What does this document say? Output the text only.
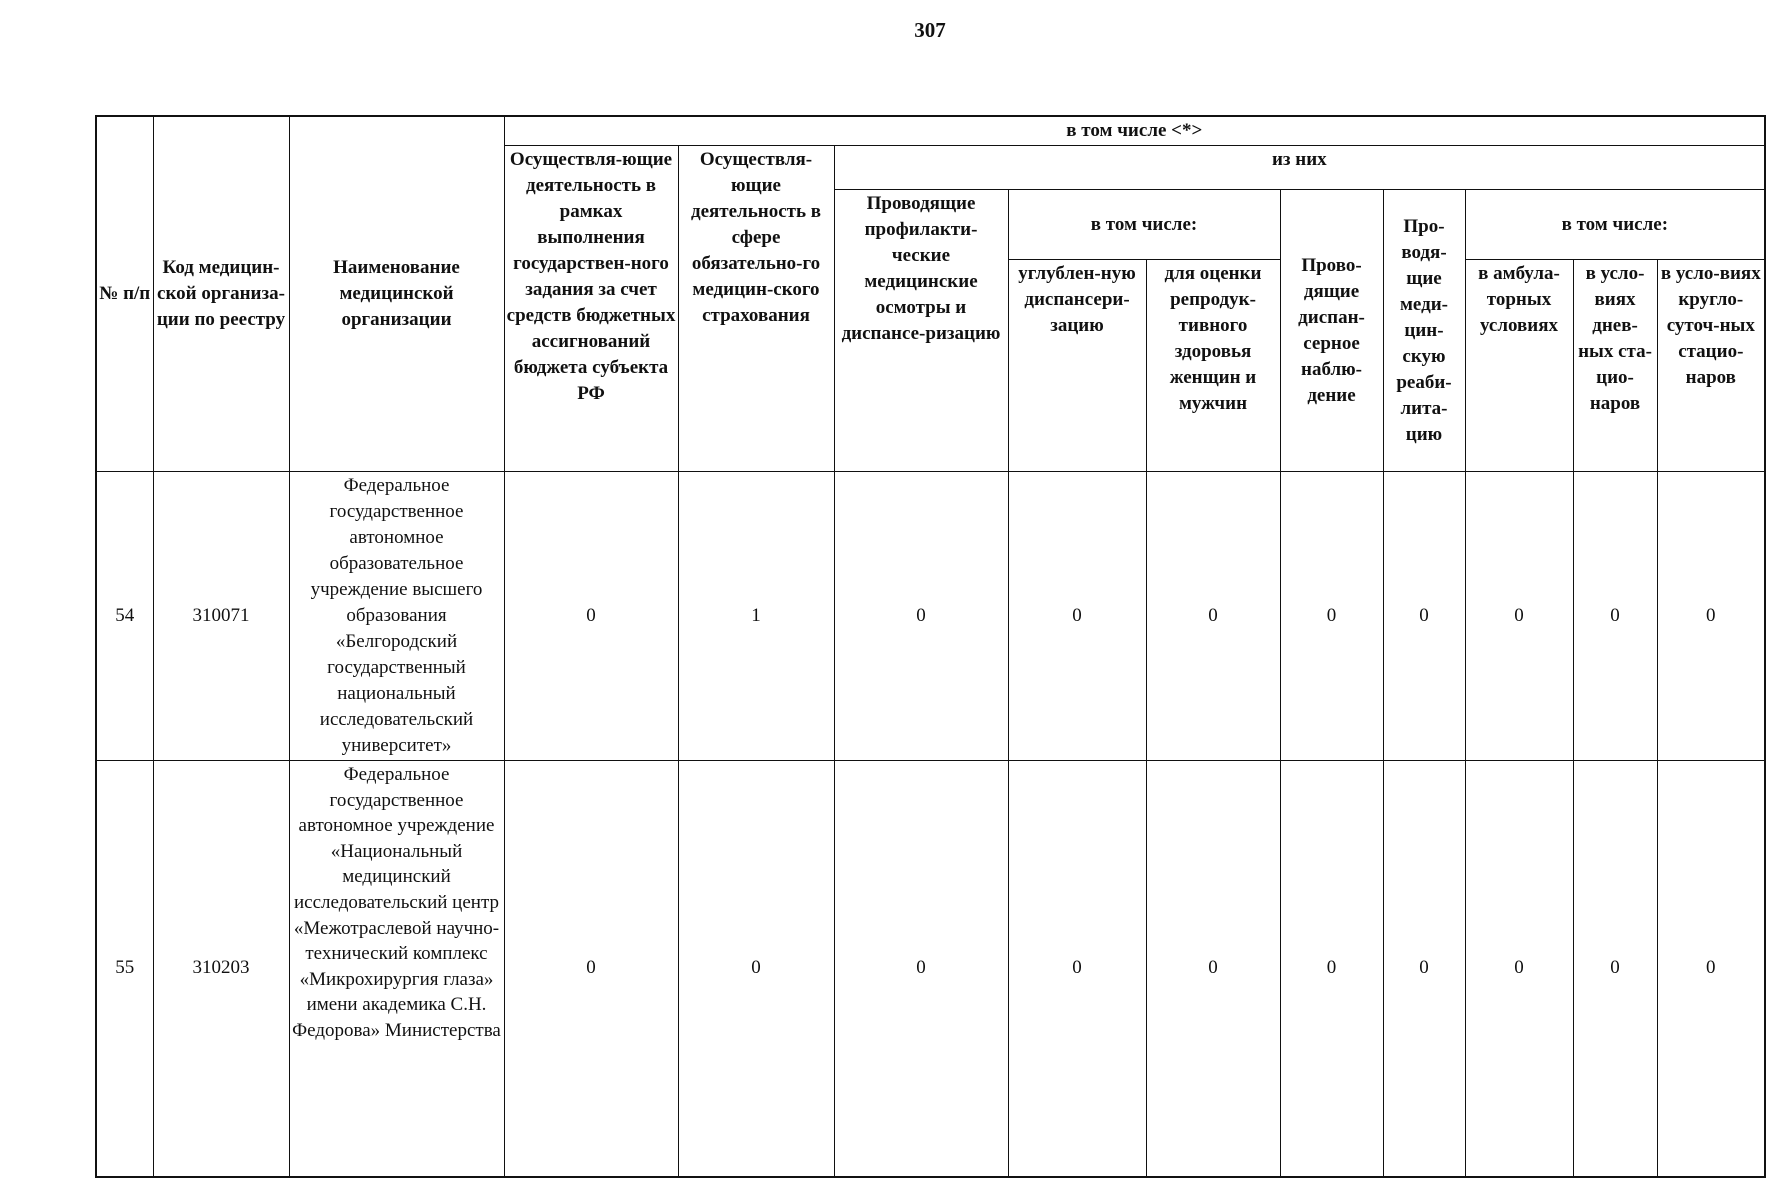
307
№ п/п	Код медицин-ской организа-ции по реестру	Наименование медицинской организации	в том числе <*>									
			Осуществля-ющие деятельность в рамках выполнения государствен-ного задания за счет средств бюджетных ассигнований бюджета субъекта РФ	Осуществля-ющие деятельность в сфере обязательно-го медицин-ского страхования	из них							
					Проводящие профилакти-ческие медицинские осмотры и диспансе-ризацию	в том числе:		Прово-дящие диспан-серное наблю-дение	Про-водя-щие меди-цин-скую реаби-лита-цию	в том числе:		
						углублен-ную диспансери-зацию	для оценки репродук-тивного здоровья женщин и мужчин			в амбула-торных условиях	в усло-виях днев-ных ста-цио-наров	в усло-виях кругло-суточ-ных стацио-наров
54	310071	Федеральное государственное автономное образовательное учреждение высшего образования «Белгородский государственный национальный исследовательский университет»	0	1	0	0	0	0	0	0	0	0
55	310203	Федеральное государственное автономное учреждение «Национальный медицинский исследовательский центр «Межотраслевой научно-технический комплекс «Микрохирургия глаза» имени академика С.Н. Федорова» Министерства	0	0	0	0	0	0	0	0	0	0
